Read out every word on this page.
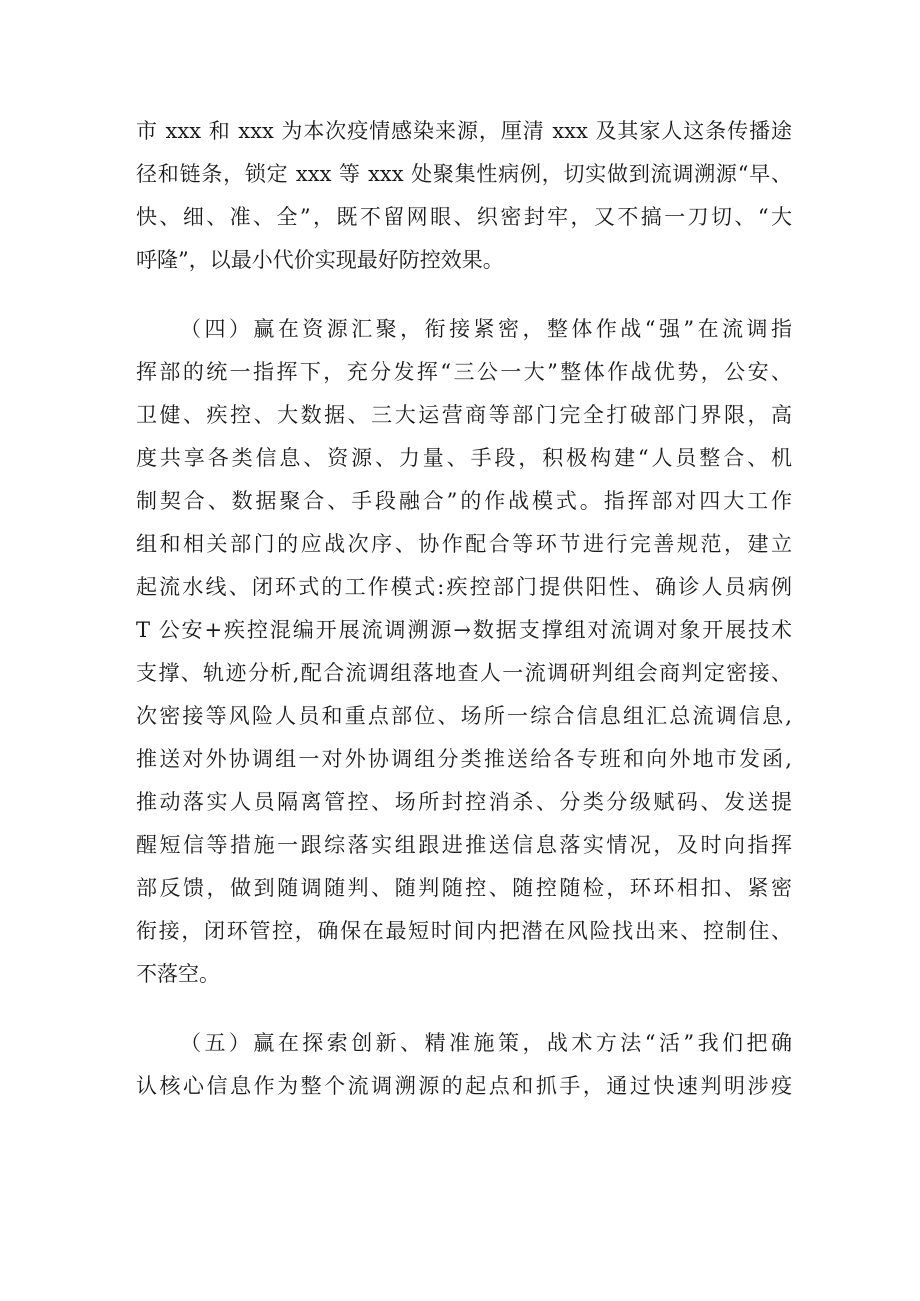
市 xxx 和 xxx 为本次疫情感染来源，厘清 xxx 及其家人这条传播途
径和链条，锁定 xxx 等 xxx 处聚集性病例，切实做到流调溯源“早、
快、细、准、全”，既不留网眼、织密封牢，又不搞一刀切、“大
呼隆”，以最小代价实现最好防控效果。
（四）赢在资源汇聚，衔接紧密，整体作战“强”在流调指
挥部的统一指挥下，充分发挥“三公一大”整体作战优势，公安、
卫健、疾控、大数据、三大运营商等部门完全打破部门界限，高
度共享各类信息、资源、力量、手段，积极构建“人员整合、机
制契合、数据聚合、手段融合”的作战模式。指挥部对四大工作
组和相关部门的应战次序、协作配合等环节进行完善规范，建立
起流水线、闭环式的工作模式:疾控部门提供阳性、确诊人员病例
T 公安+疾控混编开展流调溯源→数据支撑组对流调对象开展技术
支撑、轨迹分析,配合流调组落地查人一流调研判组会商判定密接、
次密接等风险人员和重点部位、场所一综合信息组汇总流调信息,
推送对外协调组一对外协调组分类推送给各专班和向外地市发函,
推动落实人员隔离管控、场所封控消杀、分类分级赋码、发送提
醒短信等措施一跟综落实组跟进推送信息落实情况，及时向指挥
部反馈，做到随调随判、随判随控、随控随检，环环相扣、紧密
衔接，闭环管控，确保在最短时间内把潜在风险找出来、控制住、
不落空。
（五）赢在探索创新、精准施策，战术方法“活”我们把确
认核心信息作为整个流调溯源的起点和抓手，通过快速判明涉疫
